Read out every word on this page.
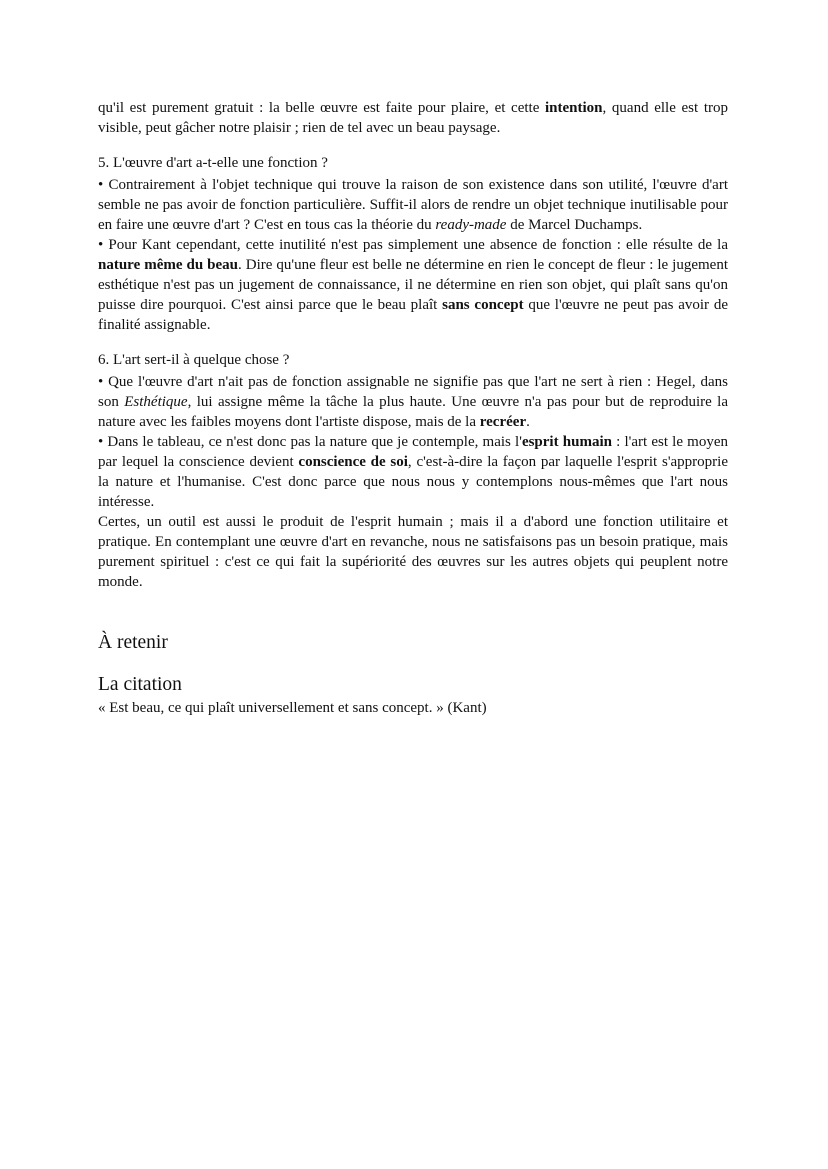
qu'il est purement gratuit : la belle œuvre est faite pour plaire, et cette intention, quand elle est trop visible, peut gâcher notre plaisir ; rien de tel avec un beau paysage.

5. L'œuvre d'art a-t-elle une fonction ?

• Contrairement à l'objet technique qui trouve la raison de son existence dans son utilité, l'œuvre d'art semble ne pas avoir de fonction particulière. Suffit-il alors de rendre un objet technique inutilisable pour en faire une œuvre d'art ? C'est en tous cas la théorie du ready-made de Marcel Duchamps.

• Pour Kant cependant, cette inutilité n'est pas simplement une absence de fonction : elle résulte de la nature même du beau. Dire qu'une fleur est belle ne détermine en rien le concept de fleur : le jugement esthétique n'est pas un jugement de connaissance, il ne détermine en rien son objet, qui plaît sans qu'on puisse dire pourquoi. C'est ainsi parce que le beau plaît sans concept que l'œuvre ne peut pas avoir de finalité assignable.

6. L'art sert-il à quelque chose ?

• Que l'œuvre d'art n'ait pas de fonction assignable ne signifie pas que l'art ne sert à rien : Hegel, dans son Esthétique, lui assigne même la tâche la plus haute. Une œuvre n'a pas pour but de reproduire la nature avec les faibles moyens dont l'artiste dispose, mais de la recréer.

• Dans le tableau, ce n'est donc pas la nature que je contemple, mais l'esprit humain : l'art est le moyen par lequel la conscience devient conscience de soi, c'est-à-dire la façon par laquelle l'esprit s'approprie la nature et l'humanise. C'est donc parce que nous nous y contemplons nous-mêmes que l'art nous intéresse.

Certes, un outil est aussi le produit de l'esprit humain ; mais il a d'abord une fonction utilitaire et pratique. En contemplant une œuvre d'art en revanche, nous ne satisfaisons pas un besoin pratique, mais purement spirituel : c'est ce qui fait la supériorité des œuvres sur les autres objets qui peuplent notre monde.

À retenir
La citation

« Est beau, ce qui plaît universellement et sans concept. » (Kant)
